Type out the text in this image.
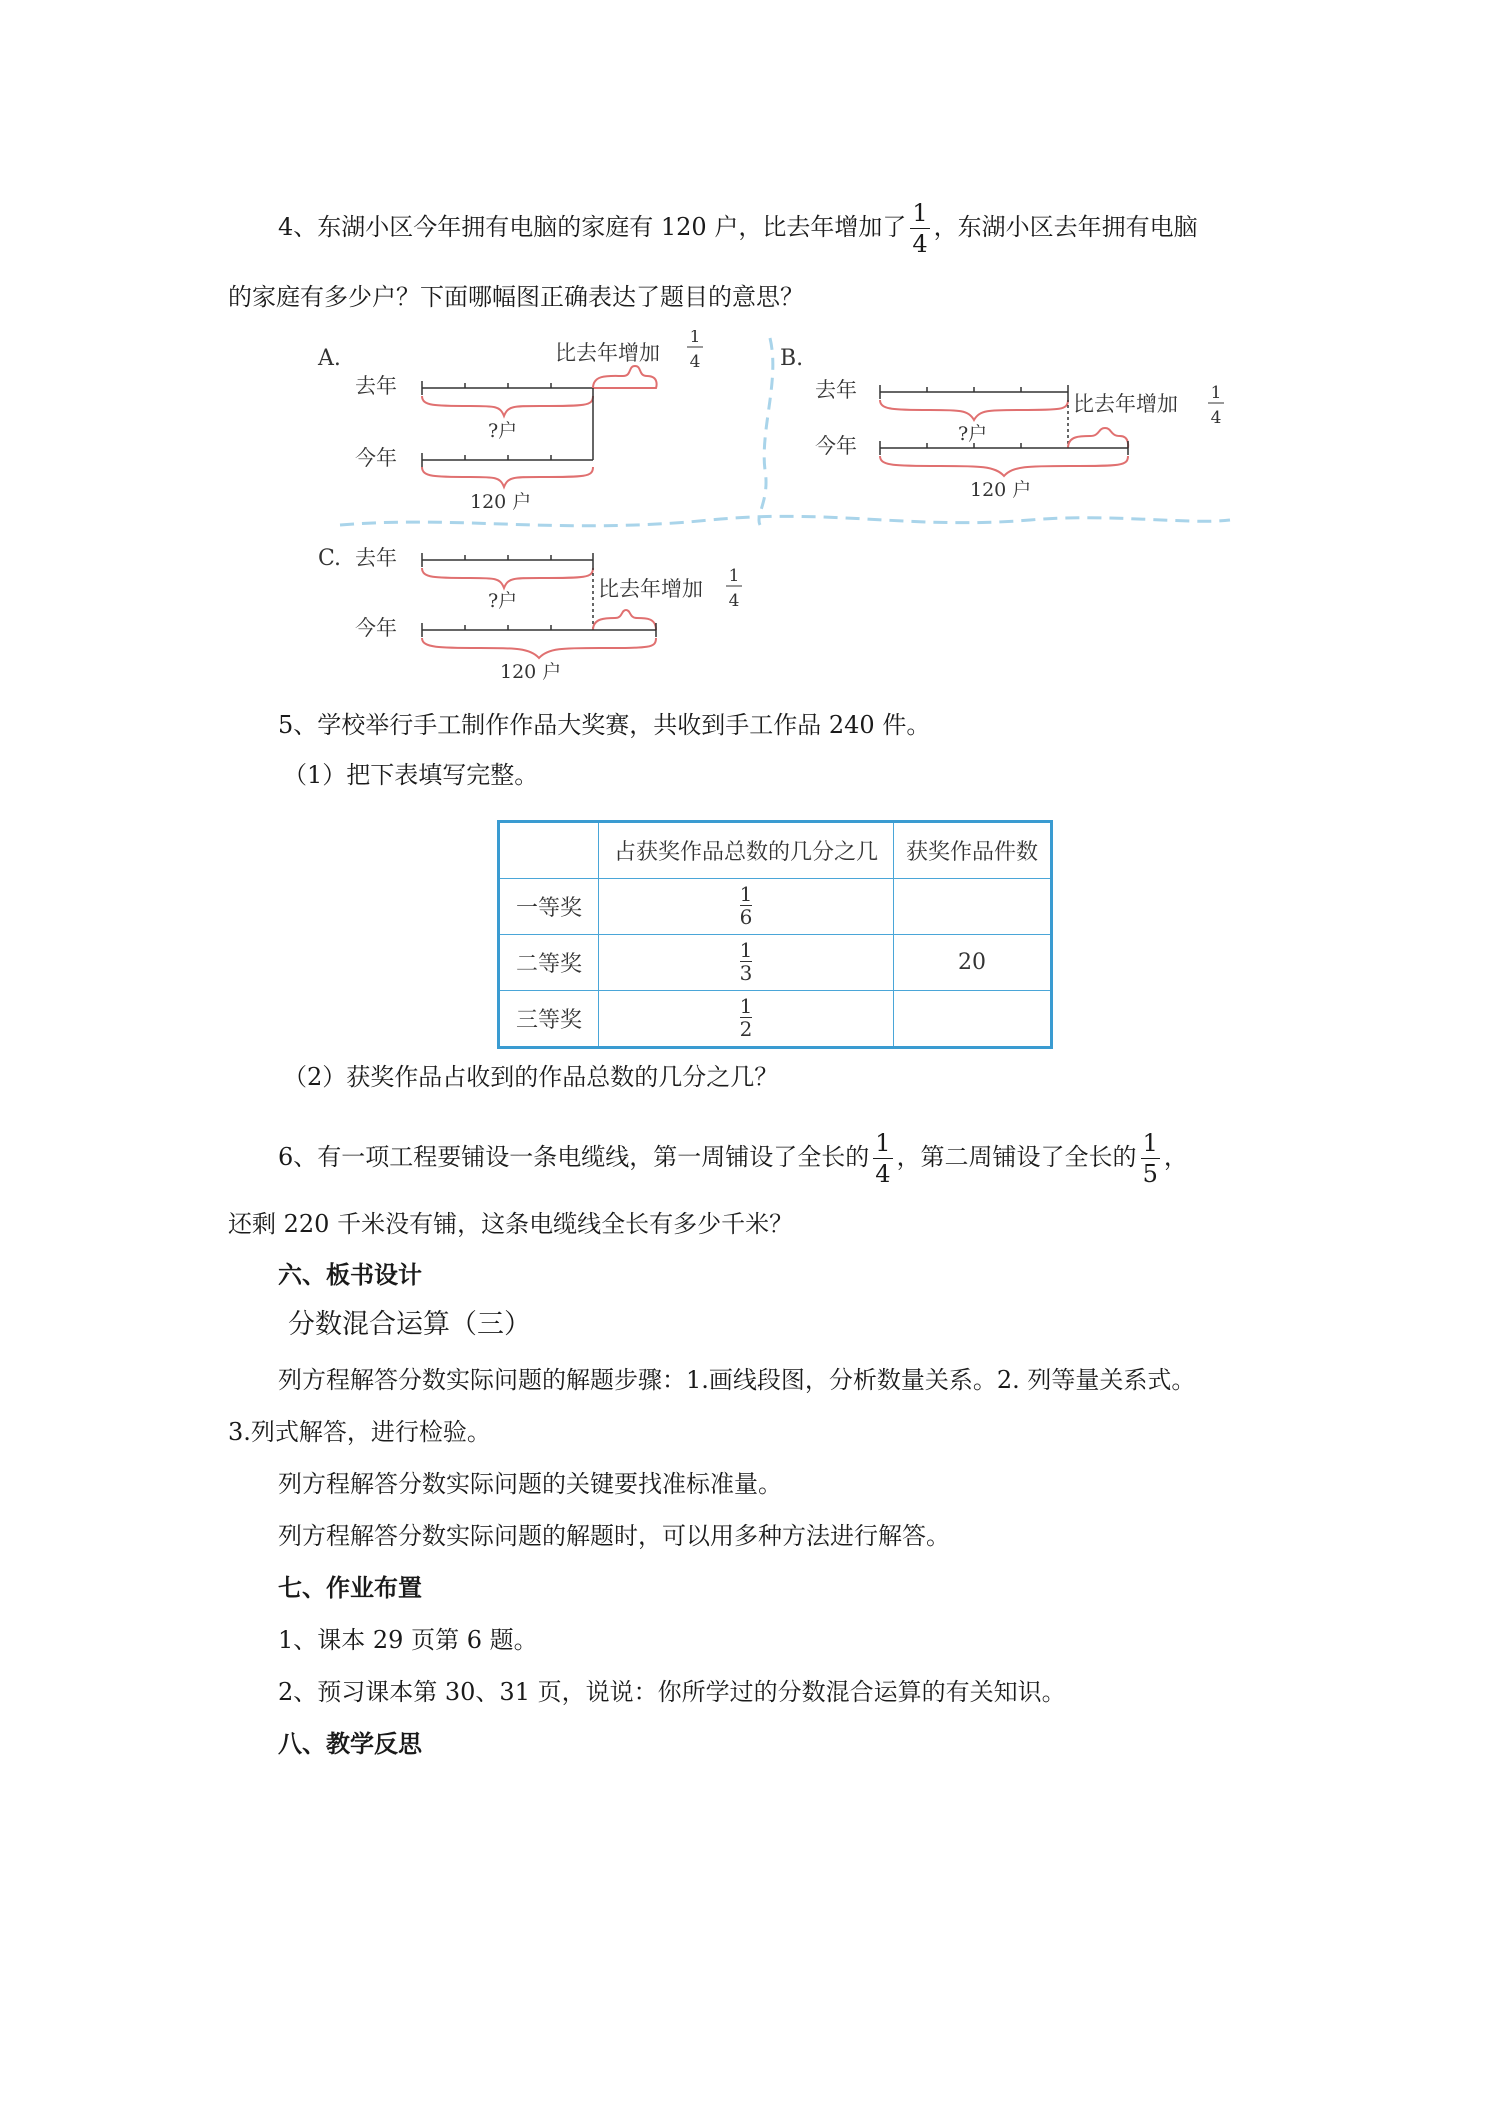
4、东湖小区今年拥有电脑的家庭有 120 户，比去年增加了 $\frac{1}{4}$ ，东湖小区去年拥有电脑
的家庭有多少户？下面哪幅图正确表达了题目的意思？
A.	比去年增加
1
4
去年
?户
今年
120 户
B.
去年
?户
比去年增加 1
4
今年
120 户
C. 去年
?户	比去年增加
1
4
今年
120 户
5、学校举行手工制作作品大奖赛，共收到手工作品 240 件。
（1）把下表填写完整。
	占获奖作品总数的几分之几	获奖作品件数
一等奖	$\frac{1}{6}$

二等奖	$\frac{1}{3}$	20
三等奖	$\frac{1}{2}$

（2）获奖作品占收到的作品总数的几分之几？
6、有一项工程要铺设一条电缆线，第一周铺设了全长的 $\frac{1}{4}$ ，第二周铺设了全长的 $\frac{1}{5}$ ，
还剩 220 千米没有铺，这条电缆线全长有多少千米？
六、板书设计
分数混合运算（三）
列方程解答分数实际问题的解题步骤：1.画线段图，分析数量关系。2. 列等量关系式。
3.列式解答，进行检验。
列方程解答分数实际问题的关键要找准标准量。
列方程解答分数实际问题的解题时，可以用多种方法进行解答。
七、作业布置
1、课本 29 页第 6 题。
2、预习课本第 30、31 页，说说：你所学过的分数混合运算的有关知识。
八、教学反思
